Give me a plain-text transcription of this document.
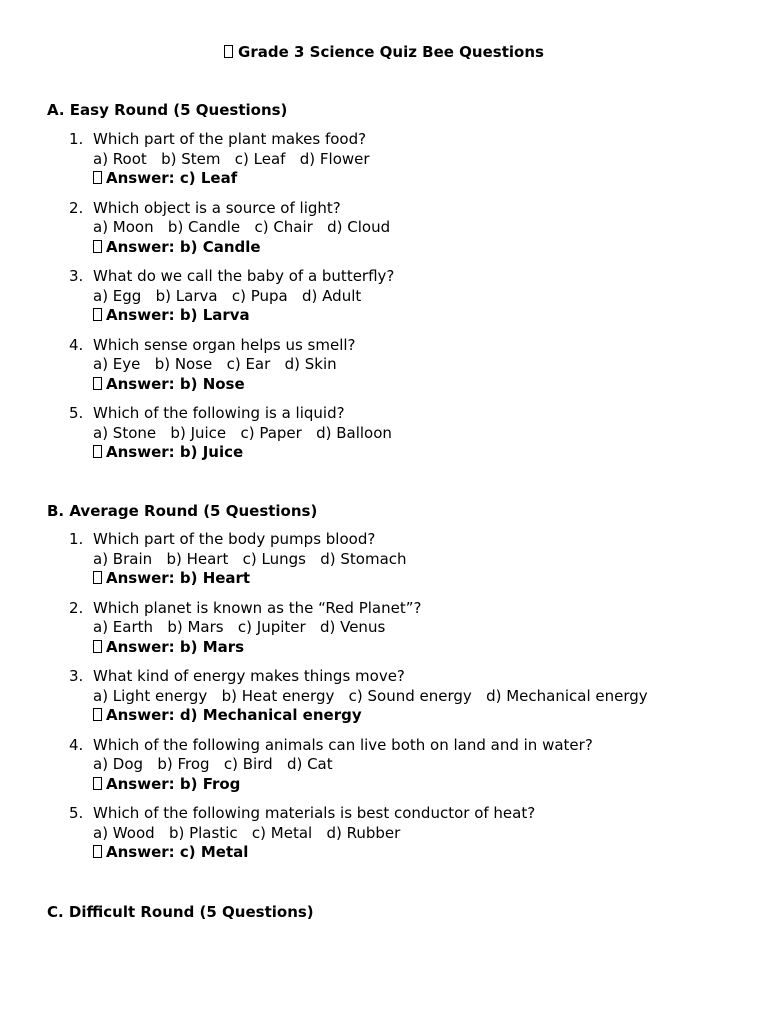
Grade 3 Science Quiz Bee Questions
A. Easy Round (5 Questions)
1. Which part of the plant makes food?
a) Root   b) Stem   c) Leaf   d) Flower
Answer: c) Leaf
2. Which object is a source of light?
a) Moon   b) Candle   c) Chair   d) Cloud
Answer: b) Candle
3. What do we call the baby of a butterfly?
a) Egg   b) Larva   c) Pupa   d) Adult
Answer: b) Larva
4. Which sense organ helps us smell?
a) Eye   b) Nose   c) Ear   d) Skin
Answer: b) Nose
5. Which of the following is a liquid?
a) Stone   b) Juice   c) Paper   d) Balloon
Answer: b) Juice
B. Average Round (5 Questions)
1. Which part of the body pumps blood?
a) Brain   b) Heart   c) Lungs   d) Stomach
Answer: b) Heart
2. Which planet is known as the “Red Planet”?
a) Earth   b) Mars   c) Jupiter   d) Venus
Answer: b) Mars
3. What kind of energy makes things move?
a) Light energy   b) Heat energy   c) Sound energy   d) Mechanical energy
Answer: d) Mechanical energy
4. Which of the following animals can live both on land and in water?
a) Dog   b) Frog   c) Bird   d) Cat
Answer: b) Frog
5. Which of the following materials is best conductor of heat?
a) Wood   b) Plastic   c) Metal   d) Rubber
Answer: c) Metal
C. Difficult Round (5 Questions)
